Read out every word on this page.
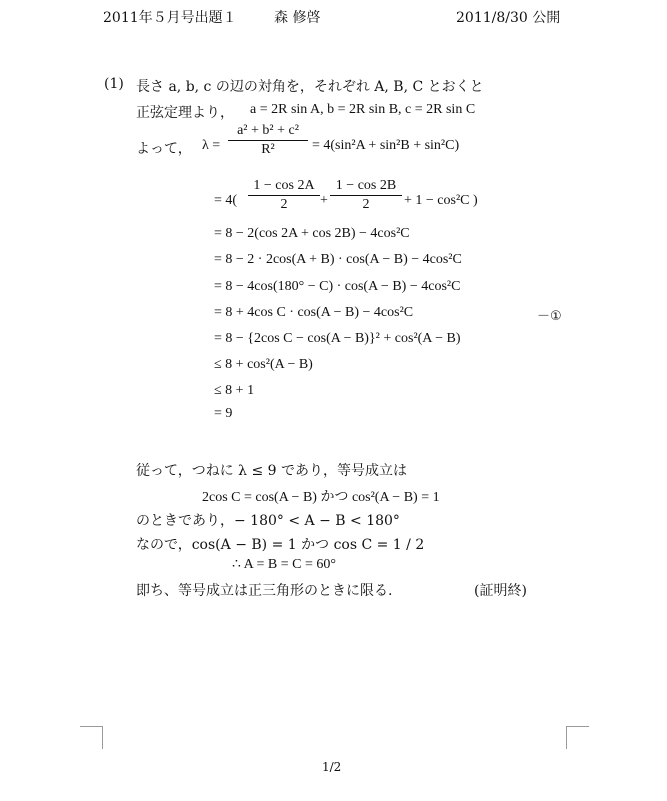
2011年５月号出題１	森 修啓	2011/8/30 公開
(1) 長さ a, b, c の辺の対角を，それぞれ A, B, C とおくと
正弦定理より， a = 2R sin A, b = 2R sin B, c = 2R sin C
よって， λ =
a² + b² + c²
R²	= 4(sin²A + sin²B + sin²C)
= 4(
1 − cos 2A
2	+
1 − cos 2B
2	+ 1 − cos²C )
= 8 − 2(cos 2A + cos 2B) − 4cos²C
= 8 − 2 · 2cos(A + B) · cos(A − B) − 4cos²C
= 8 − 4cos(180° − C) · cos(A − B) − 4cos²C
= 8 + 4cos C · cos(A − B) − 4cos²C	－①
= 8 − {2cos C − cos(A − B)}² + cos²(A − B)
≤ 8 + cos²(A − B)
≤ 8 + 1
= 9
従って，つねに λ ≤ 9 であり，等号成立は
2cos C = cos(A − B) かつ cos²(A − B) = 1
のときであり，− 180° < A − B < 180°
なので，cos(A − B) = 1 かつ cos C = 1 / 2
∴ A = B = C = 60°
即ち、等号成立は正三角形のときに限る.	(証明終)
1/2
